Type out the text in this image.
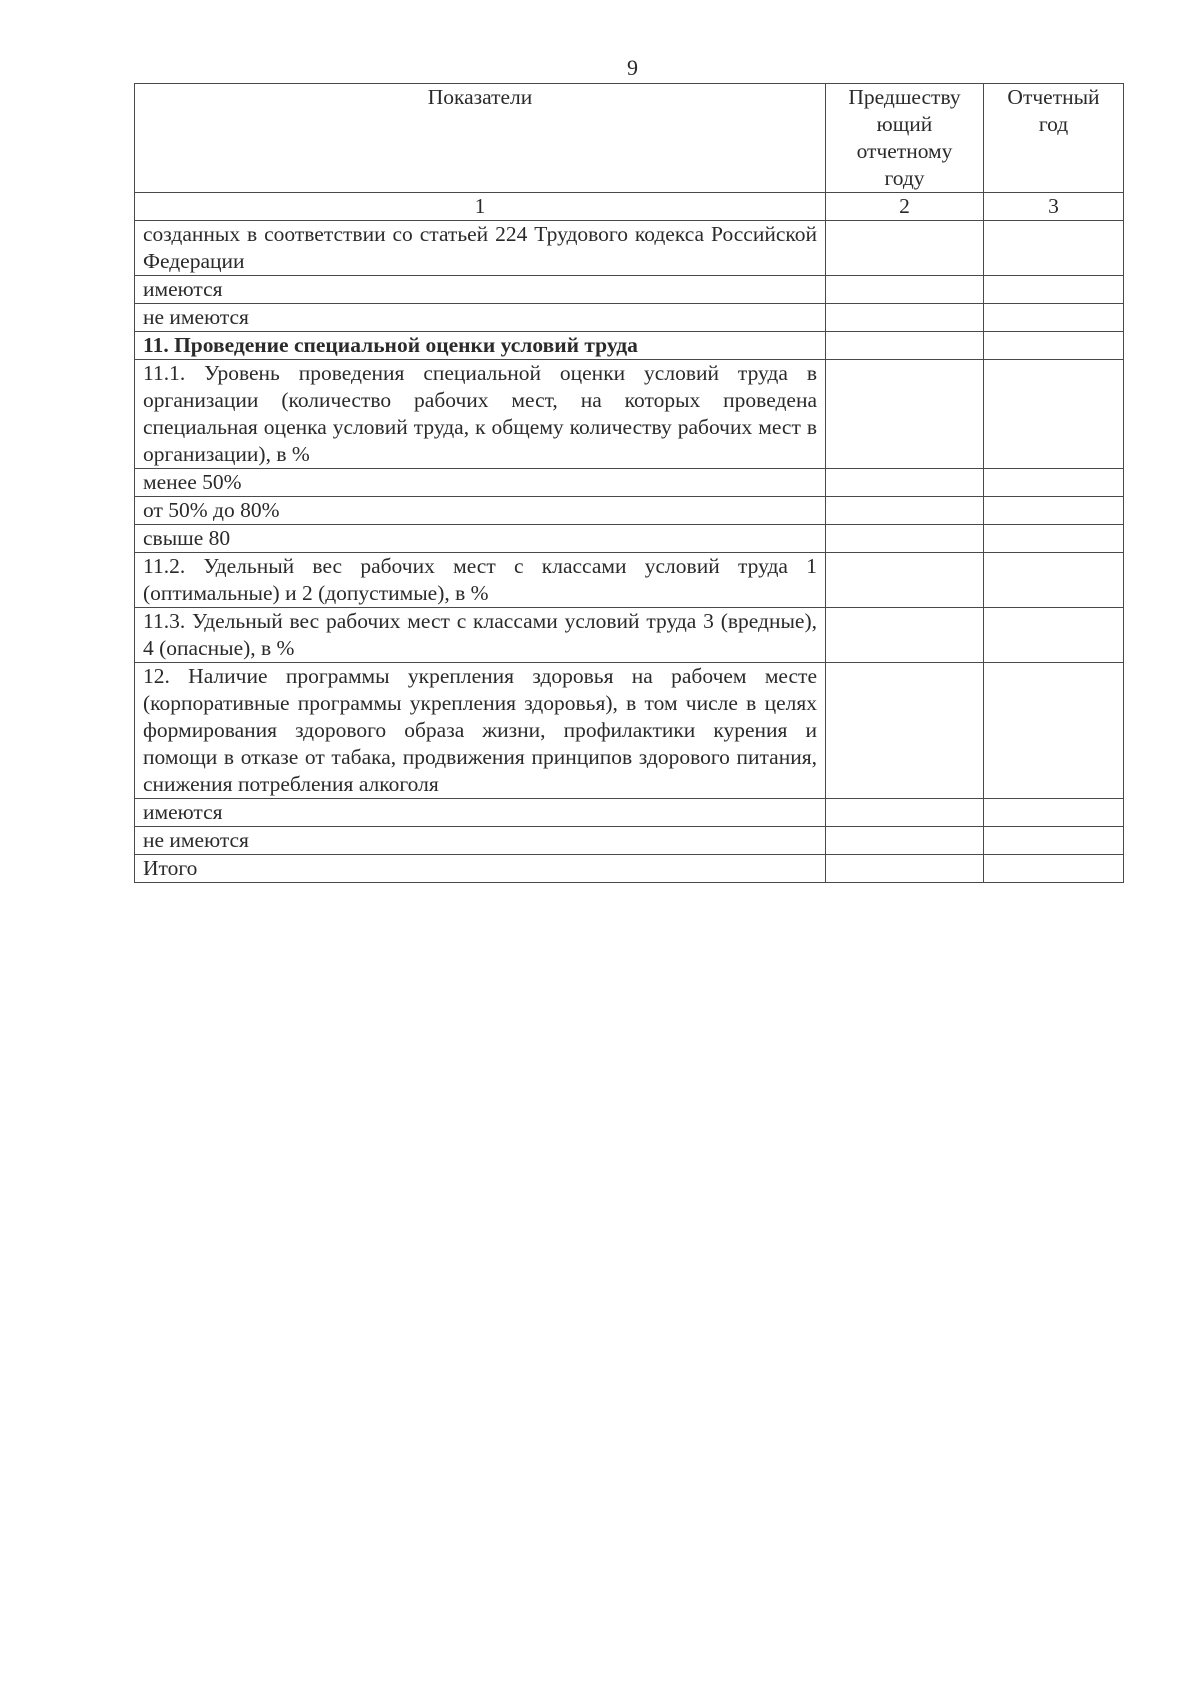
9
Показатели	Предшеству ющий отчетному году	Отчетный год
1	2	3
созданных в соответствии со статьей 224 Трудового кодекса Российской Федерации		
имеются		
не имеются		
11. Проведение специальной оценки условий труда		
11.1. Уровень проведения специальной оценки условий труда в организации (количество рабочих мест, на которых проведена специальная оценка условий труда, к общему количеству рабочих мест в организации), в %		
менее 50%		
от 50% до 80%		
свыше 80		
11.2. Удельный вес рабочих мест с классами условий труда 1 (оптимальные) и 2 (допустимые), в %		
11.3. Удельный вес рабочих мест с классами условий труда 3 (вредные), 4 (опасные), в %		
12. Наличие программы укрепления здоровья на рабочем месте (корпоративные программы укрепления здоровья), в том числе в целях формирования здорового образа жизни, профилактики курения и помощи в отказе от табака, продвижения принципов здорового питания, снижения потребления алкоголя		
имеются		
не имеются		
Итого		
